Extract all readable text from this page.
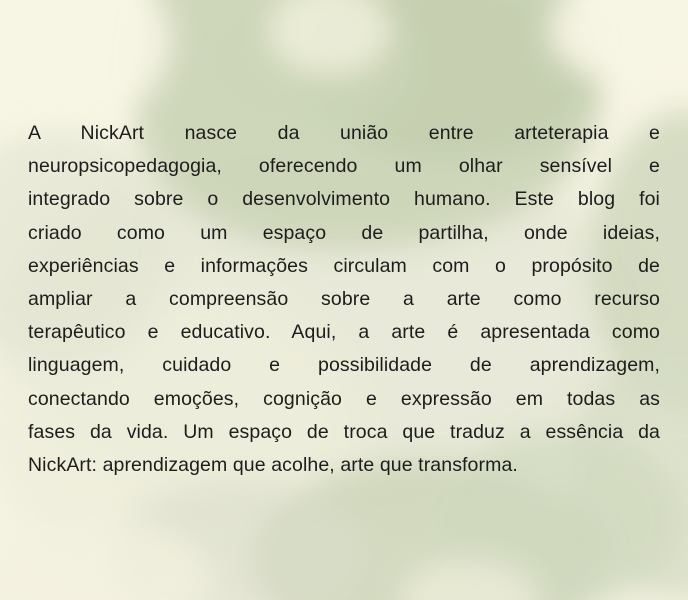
A NickArt nasce da união entre arteterapia e
neuropsicopedagogia, oferecendo um olhar sensível e
integrado sobre o desenvolvimento humano. Este blog foi
criado como um espaço de partilha, onde ideias,
experiências e informações circulam com o propósito de
ampliar a compreensão sobre a arte como recurso
terapêutico e educativo. Aqui, a arte é apresentada como
linguagem, cuidado e possibilidade de aprendizagem,
conectando emoções, cognição e expressão em todas as
fases da vida. Um espaço de troca que traduz a essência da
NickArt: aprendizagem que acolhe, arte que transforma.
